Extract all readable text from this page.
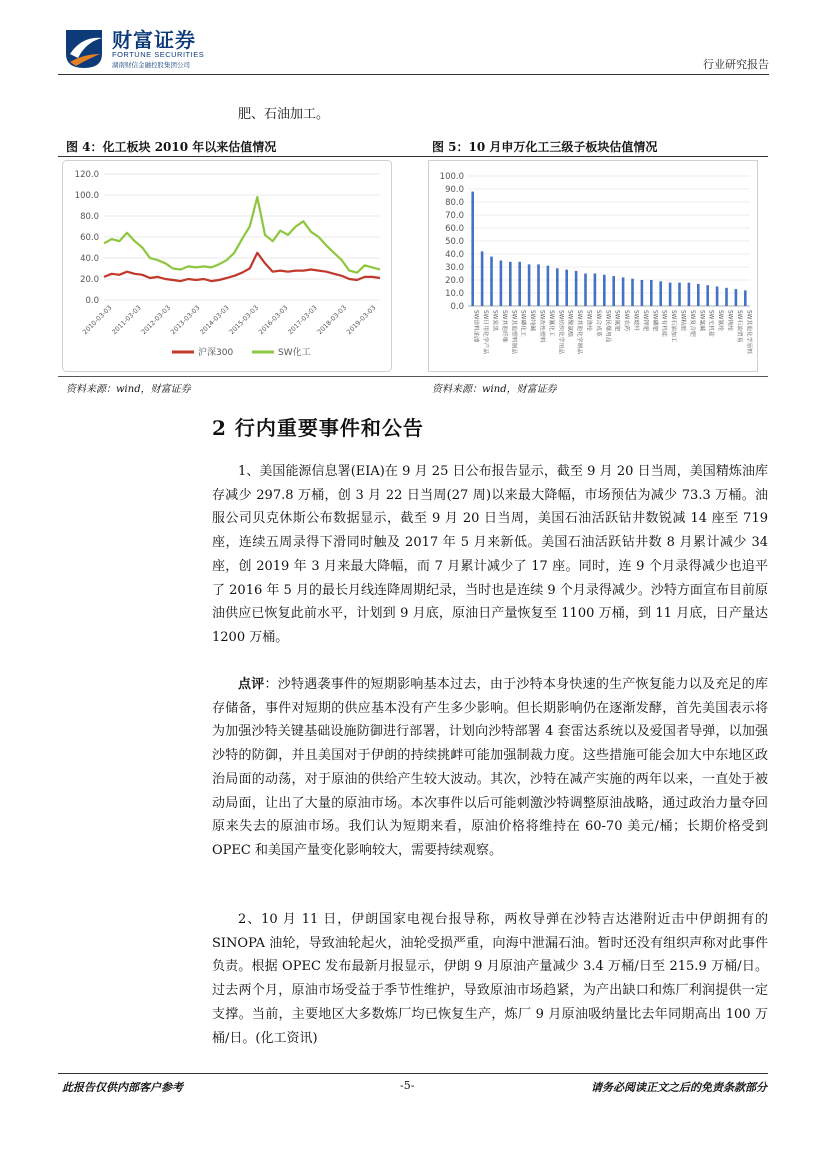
财富证券
FORTUNE SECURITIES
湖南财信金融控股集团公司	行业研究报告
肥、石油加工。
图 4：化工板块 2010 年以来估值情况	图 5：10 月申万化工三级子板块估值情况
120.0
100.0
80.0
60.0
40.0
20.0
0.0
2010-03-03
2011-03-03
2012-03-03
2013-03-03
2014-03-03
2015-03-03
2016-03-03
2017-03-03
2018-03-03
2019-03-03
沪深300	SW化工
100.0
90.0
80.0
70.0
60.0
50.0
40.0
30.0
20.0
10.0
0.0
SW涂料油漆 SW日用化学产品 SW炭黑 SW其他纤维 SW其他塑料制品 SW磷化工 SW纯碱 SW改性塑料 SW氟化工 SW纺织化学用品 SW聚氨酯 SW其他化学制品 SW涤纶 SW合成革 SW民爆用品 SW氮肥 SW农药 SW玻纤 SW钾肥 SW磷肥 SW有机硅 SW石油加工 SW粘胶 SW复合肥 SW氯碱 SW无机盐 SW氨纶 SW锦纶 SW石油贸易 SW其他化学原料
资料来源：wind，财富证券	资料来源：wind，财富证券
2 行内重要事件和公告
1、美国能源信息署(EIA)在 9 月 25 日公布报告显示，截至 9 月 20 日当周，美国精炼油库存减少 297.8 万桶，创 3 月 22 日当周(27 周)以来最大降幅，市场预估为减少 73.3 万桶。油服公司贝克休斯公布数据显示，截至 9 月 20 日当周，美国石油活跃钻井数锐减 14 座至 719 座，连续五周录得下滑同时触及 2017 年 5 月来新低。美国石油活跃钻井数 8 月累计减少 34 座，创 2019 年 3 月来最大降幅，而 7 月累计减少了 17 座。同时，连 9 个月录得减少也追平了 2016 年 5 月的最长月线连降周期纪录，当时也是连续 9 个月录得减少。沙特方面宣布目前原油供应已恢复此前水平，计划到 9 月底，原油日产量恢复至 1100 万桶，到 11 月底，日产量达 1200 万桶。
点评：沙特遇袭事件的短期影响基本过去，由于沙特本身快速的生产恢复能力以及充足的库存储备，事件对短期的供应基本没有产生多少影响。但长期影响仍在逐渐发酵，首先美国表示将为加强沙特关键基础设施防御进行部署，计划向沙特部署 4 套雷达系统以及爱国者导弹，以加强沙特的防御，并且美国对于伊朗的持续挑衅可能加强制裁力度。这些措施可能会加大中东地区政治局面的动荡，对于原油的供给产生较大波动。其次，沙特在减产实施的两年以来，一直处于被动局面，让出了大量的原油市场。本次事件以后可能刺激沙特调整原油战略，通过政治力量夺回原来失去的原油市场。我们认为短期来看，原油价格将维持在 60-70 美元/桶；长期价格受到 OPEC 和美国产量变化影响较大，需要持续观察。
2、10 月 11 日，伊朗国家电视台报导称，两枚导弹在沙特吉达港附近击中伊朗拥有的 SINOPA 油轮，导致油轮起火，油轮受损严重，向海中泄漏石油。暂时还没有组织声称对此事件负责。根据 OPEC 发布最新月报显示，伊朗 9 月原油产量减少 3.4 万桶/日至 215.9 万桶/日。过去两个月，原油市场受益于季节性维护，导致原油市场趋紧，为产出缺口和炼厂利润提供一定支撑。当前，主要地区大多数炼厂均已恢复生产，炼厂 9 月原油吸纳量比去年同期高出 100 万桶/日。(化工资讯)
此报告仅供内部客户参考	-5-	请务必阅读正文之后的免责条款部分
